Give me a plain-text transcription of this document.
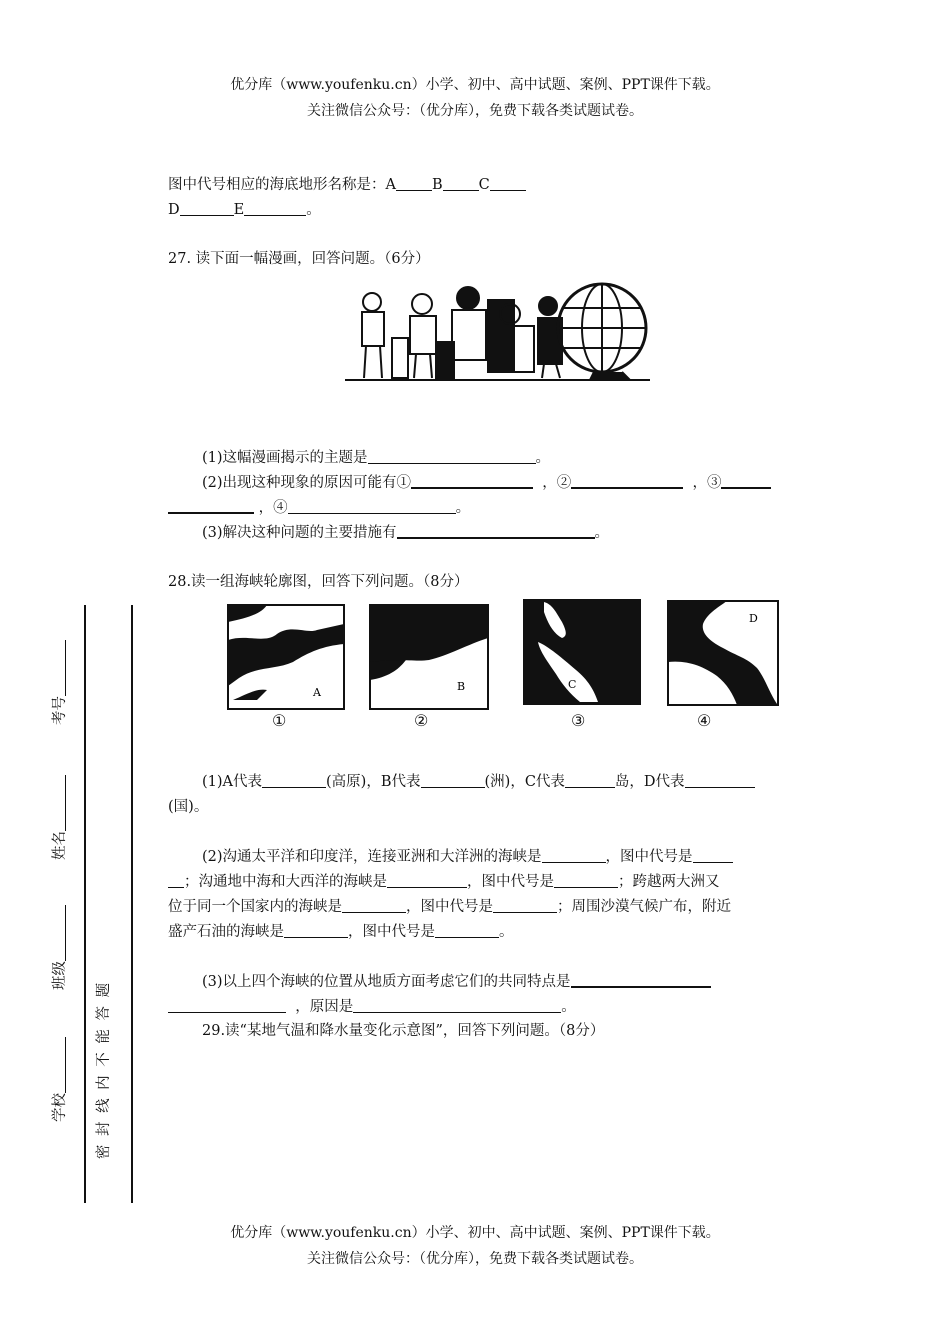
优分库（www.youfenku.cn）小学、初中、高中试题、案例、PPT课件下载。
关注微信公众号：（优分库），免费下载各类试题试卷。
图中代号相应的海底地形名称是：A B C
D	E	。
27. 读下面一幅漫画，回答问题。（6分）
(1)这幅漫画揭示的主题是	。
(2)出现这种现象的原因可能有①	，②	，③
，④	。
(3)解决这种问题的主要措施有	。
28.读一组海峡轮廓图，回答下列问题。（8分）
A	B	C
D
①	②	③	④
(1)A代表	(高原)，B代表	(洲)，C代表	岛，D代表
(国)。
(2)沟通太平洋和印度洋，连接亚洲和大洋洲的海峡是	，图中代号是
；沟通地中海和大西洋的海峡是	，图中代号是	；跨越两大洲又
位于同一个国家内的海峡是	，图中代号是	；周围沙漠气候广布，附近
盛产石油的海峡是	，图中代号是	。
(3)以上四个海峡的位置从地质方面考虑它们的共同特点是
，原因是	。
29.读“某地气温和降水量变化示意图”，回答下列问题。（8分）
密 封 线 内 不 能 答 题
考号
姓名
班级
学校
优分库（www.youfenku.cn）小学、初中、高中试题、案例、PPT课件下载。
关注微信公众号：（优分库），免费下载各类试题试卷。
